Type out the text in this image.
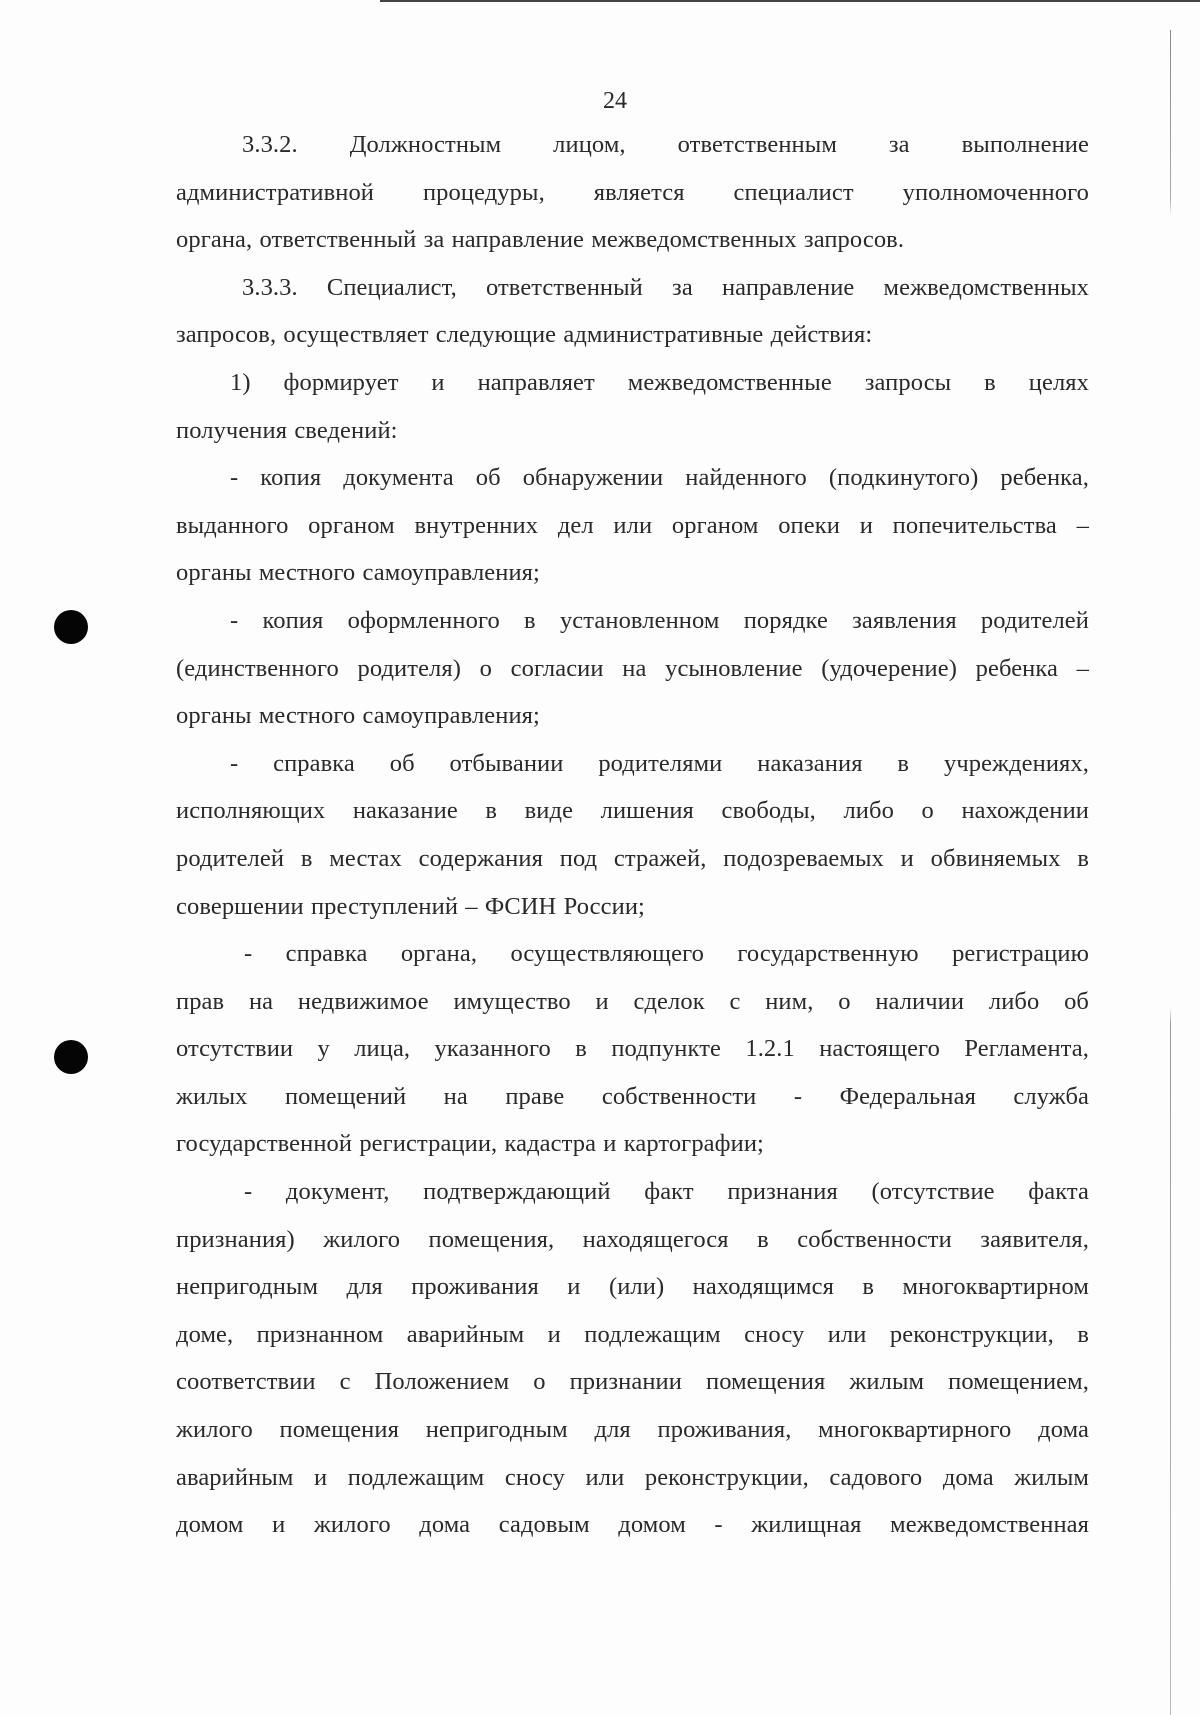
24

3.3.2.   Должностным   лицом,   ответственным   за   выполнение
административной процедуры, является специалист уполномоченного
органа, ответственный за направление межведомственных запросов.

3.3.3. Специалист, ответственный за направление межведомственных
запросов, осуществляет следующие административные действия:

1) формирует и направляет межведомственные запросы в целях
получения сведений:

- копия документа об обнаружении найденного (подкинутого) ребенка,
выданного органом внутренних дел или органом опеки и попечительства –
органы местного самоуправления;

- копия оформленного в установленном порядке заявления родителей
(единственного родителя) о согласии на усыновление (удочерение) ребенка –
органы местного самоуправления;

- справка об отбывании родителями наказания в учреждениях,
исполняющих наказание в виде лишения свободы, либо о нахождении
родителей в местах содержания под стражей, подозреваемых и обвиняемых в
совершении преступлений – ФСИН России;

- справка органа, осуществляющего государственную регистрацию
прав на недвижимое имущество и сделок с ним, о наличии либо об
отсутствии у лица, указанного в подпункте 1.2.1 настоящего Регламента,
жилых помещений на праве собственности - Федеральная служба
государственной регистрации, кадастра и картографии;

- документ, подтверждающий факт признания (отсутствие факта
признания) жилого помещения, находящегося в собственности заявителя,
непригодным для проживания и (или) находящимся в многоквартирном
доме, признанном аварийным и подлежащим сносу или реконструкции, в
соответствии с Положением о признании помещения жилым помещением,
жилого помещения непригодным для проживания, многоквартирного дома
аварийным и подлежащим сносу или реконструкции, садового дома жилым
домом и жилого дома садовым домом - жилищная межведомственная
